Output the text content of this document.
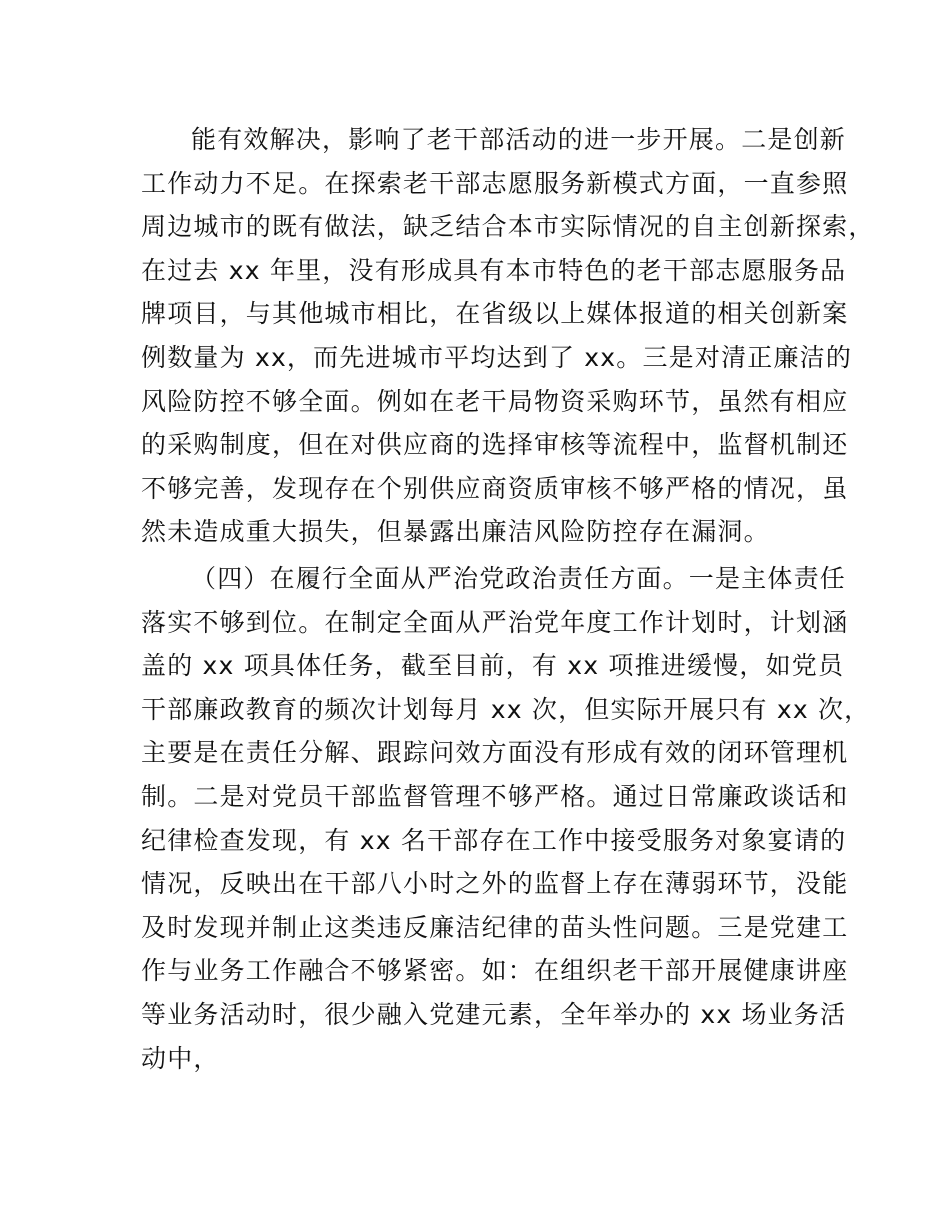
能有效解决，影响了老干部活动的进一步开展。二是创新
工作动力不足。在探索老干部志愿服务新模式方面，一直参照
周边城市的既有做法，缺乏结合本市实际情况的自主创新探索，
在过去 xx 年里，没有形成具有本市特色的老干部志愿服务品
牌项目，与其他城市相比，在省级以上媒体报道的相关创新案
例数量为 xx，而先进城市平均达到了 xx。三是对清正廉洁的
风险防控不够全面。例如在老干局物资采购环节，虽然有相应
的采购制度，但在对供应商的选择审核等流程中，监督机制还
不够完善，发现存在个别供应商资质审核不够严格的情况，虽
然未造成重大损失，但暴露出廉洁风险防控存在漏洞。
（四）在履行全面从严治党政治责任方面。一是主体责任
落实不够到位。在制定全面从严治党年度工作计划时，计划涵
盖的 xx 项具体任务，截至目前，有 xx 项推进缓慢，如党员
干部廉政教育的频次计划每月 xx 次，但实际开展只有 xx 次，
主要是在责任分解、跟踪问效方面没有形成有效的闭环管理机
制。二是对党员干部监督管理不够严格。通过日常廉政谈话和
纪律检查发现，有 xx 名干部存在工作中接受服务对象宴请的
情况，反映出在干部八小时之外的监督上存在薄弱环节，没能
及时发现并制止这类违反廉洁纪律的苗头性问题。三是党建工
作与业务工作融合不够紧密。如：在组织老干部开展健康讲座
等业务活动时，很少融入党建元素，全年举办的 xx 场业务活
动中，
